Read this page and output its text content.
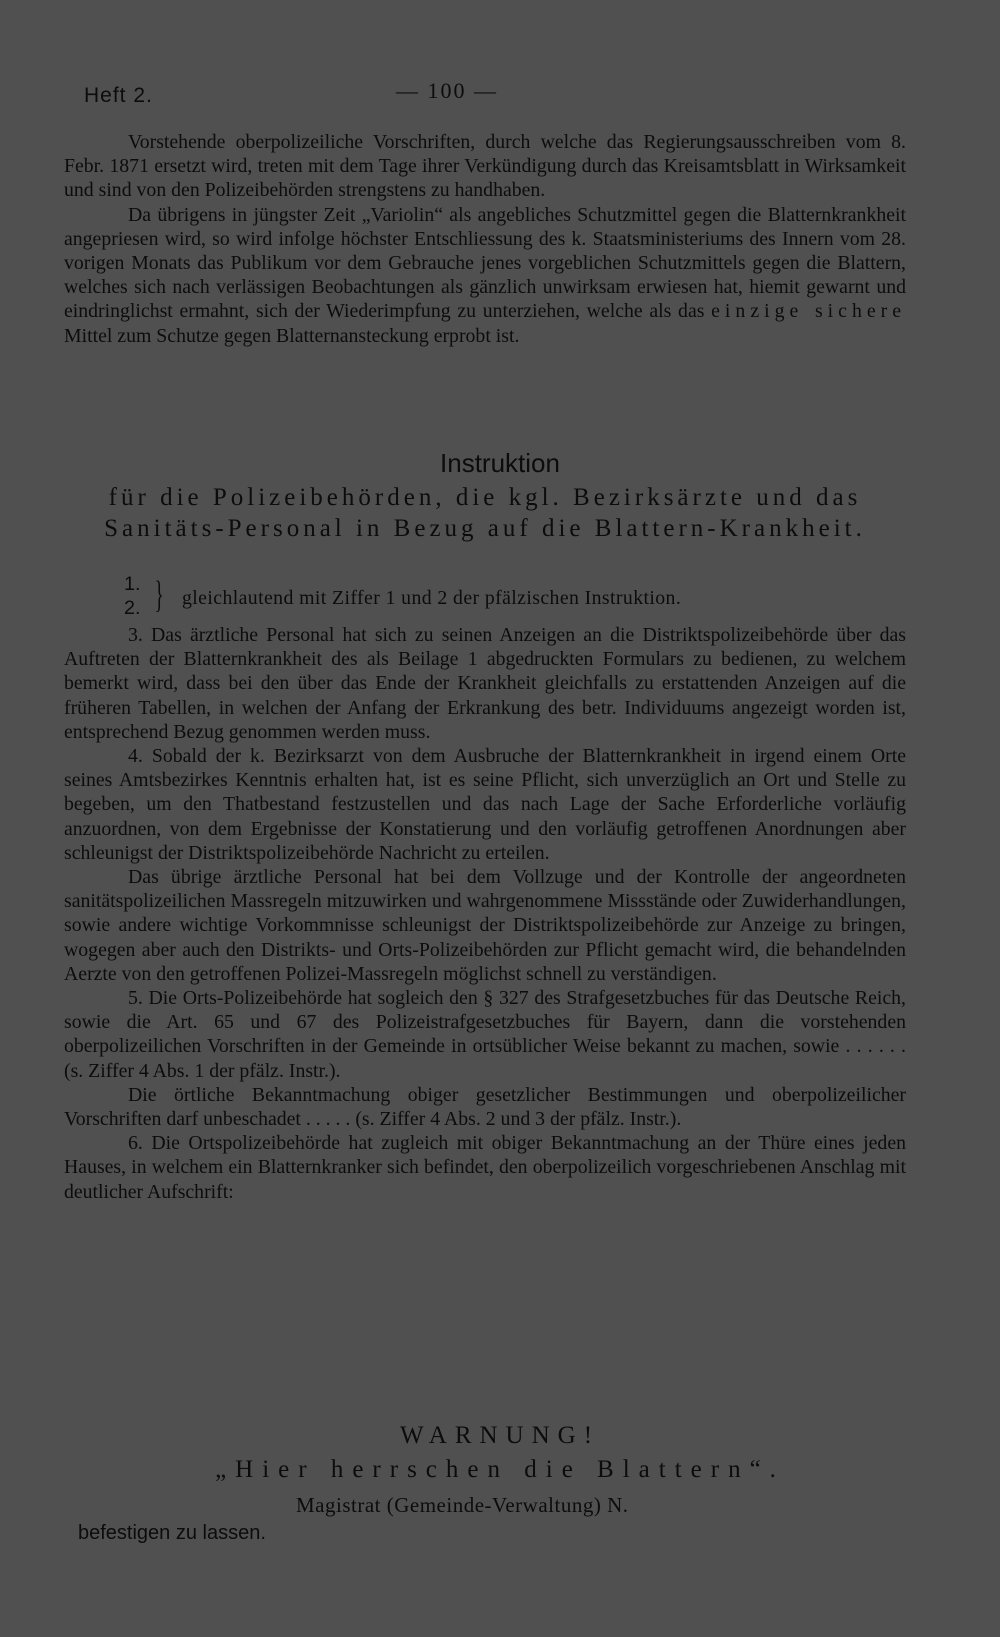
Heft 2.	— 100 —

Vorstehende oberpolizeiliche Vorschriften, durch welche das Regierungsausschreiben vom 8. Febr. 1871 ersetzt wird, treten mit dem Tage ihrer Verkündigung durch das Kreisamtsblatt in Wirksamkeit und sind von den Polizeibehörden strengstens zu handhaben.

Da übrigens in jüngster Zeit „Variolin“ als angebliches Schutzmittel gegen die Blatternkrankheit angepriesen wird, so wird infolge höchster Entschliessung des k. Staatsministeriums des Innern vom 28. vorigen Monats das Publikum vor dem Gebrauche jenes vorgeblichen Schutzmittels gegen die Blattern, welches sich nach verlässigen Beobachtungen als gänzlich unwirksam erwiesen hat, hiemit gewarnt und eindringlichst ermahnt, sich der Wiederimpfung zu unterziehen, welche als das einzige sichere Mittel zum Schutze gegen Blatternansteckung erprobt ist.

Instruktion
für die Polizeibehörden, die kgl. Bezirksärzte und das Sanitäts-Personal in Bezug auf die Blattern-Krankheit.
1.
2. } gleichlautend mit Ziffer 1 und 2 der pfälzischen Instruktion.

3. Das ärztliche Personal hat sich zu seinen Anzeigen an die Distriktspolizeibehörde über das Auftreten der Blatternkrankheit des als Beilage 1 abgedruckten Formulars zu bedienen, zu welchem bemerkt wird, dass bei den über das Ende der Krankheit gleichfalls zu erstattenden Anzeigen auf die früheren Tabellen, in welchen der Anfang der Erkrankung des betr. Individuums angezeigt worden ist, entsprechend Bezug genommen werden muss.

4. Sobald der k. Bezirksarzt von dem Ausbruche der Blatternkrankheit in irgend einem Orte seines Amtsbezirkes Kenntnis erhalten hat, ist es seine Pflicht, sich unverzüglich an Ort und Stelle zu begeben, um den Thatbestand festzustellen und das nach Lage der Sache Erforderliche vorläufig anzuordnen, von dem Ergebnisse der Konstatierung und den vorläufig getroffenen Anordnungen aber schleunigst der Distriktspolizeibehörde Nachricht zu erteilen.

Das übrige ärztliche Personal hat bei dem Vollzuge und der Kontrolle der angeordneten sanitätspolizeilichen Massregeln mitzuwirken und wahrgenommene Missstände oder Zuwiderhandlungen, sowie andere wichtige Vorkommnisse schleunigst der Distriktspolizeibehörde zur Anzeige zu bringen, wogegen aber auch den Distrikts- und Orts-Polizeibehörden zur Pflicht gemacht wird, die behandelnden Aerzte von den getroffenen Polizei-Massregeln möglichst schnell zu verständigen.

5. Die Orts-Polizeibehörde hat sogleich den § 327 des Strafgesetzbuches für das Deutsche Reich, sowie die Art. 65 und 67 des Polizeistrafgesetzbuches für Bayern, dann die vorstehenden oberpolizeilichen Vorschriften in der Gemeinde in ortsüblicher Weise bekannt zu machen, sowie . . . . . . (s. Ziffer 4 Abs. 1 der pfälz. Instr.).

Die örtliche Bekanntmachung obiger gesetzlicher Bestimmungen und oberpolizeilicher Vorschriften darf unbeschadet . . . . . (s. Ziffer 4 Abs. 2 und 3 der pfälz. Instr.).

6. Die Ortspolizeibehörde hat zugleich mit obiger Bekanntmachung an der Thüre eines jeden Hauses, in welchem ein Blatternkranker sich befindet, den oberpolizeilich vorgeschriebenen Anschlag mit deutlicher Aufschrift:

WARNUNG!
„Hier herrschen die Blattern“.
Magistrat (Gemeinde-Verwaltung) N.
befestigen zu lassen.
